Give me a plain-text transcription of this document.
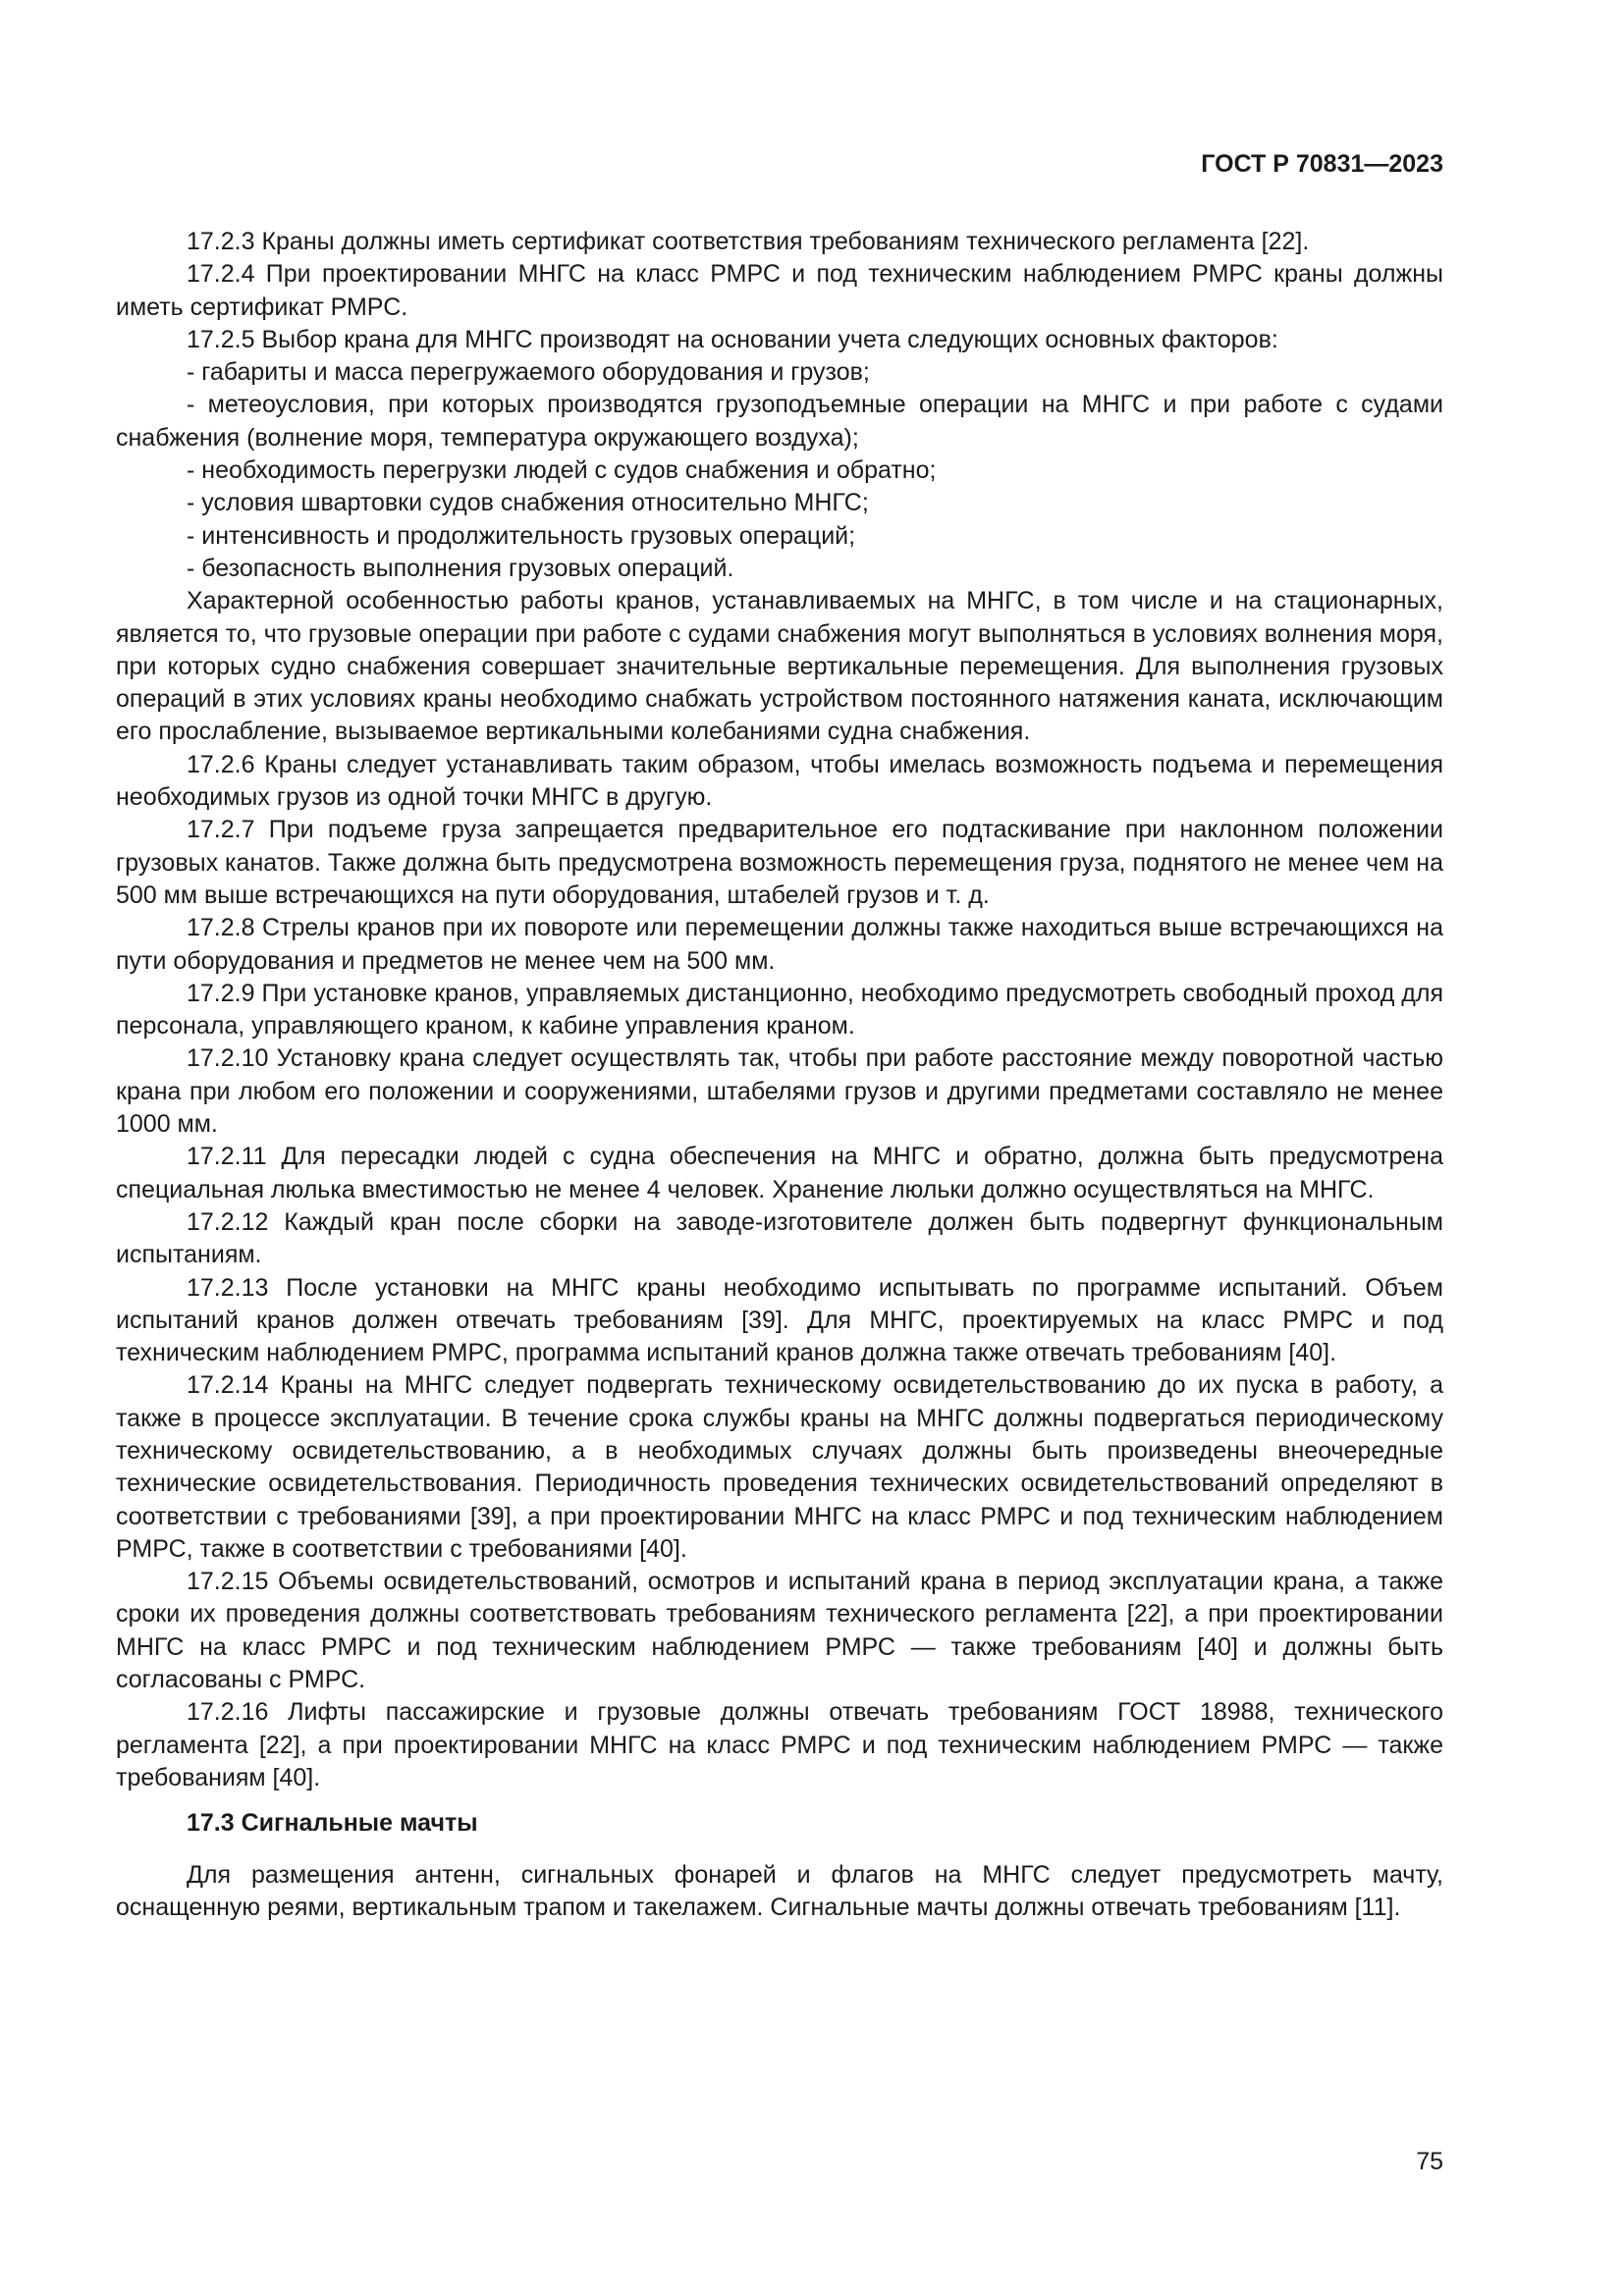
ГОСТ Р 70831—2023

17.2.3 Краны должны иметь сертификат соответствия требованиям технического регламента [22].

17.2.4 При проектировании МНГС на класс РМРС и под техническим наблюдением РМРС краны должны иметь сертификат РМРС.

17.2.5 Выбор крана для МНГС производят на основании учета следующих основных факторов:

- габариты и масса перегружаемого оборудования и грузов;

- метеоусловия, при которых производятся грузоподъемные операции на МНГС и при работе с судами снабжения (волнение моря, температура окружающего воздуха);

- необходимость перегрузки людей с судов снабжения и обратно;

- условия швартовки судов снабжения относительно МНГС;

- интенсивность и продолжительность грузовых операций;

- безопасность выполнения грузовых операций.

Характерной особенностью работы кранов, устанавливаемых на МНГС, в том числе и на стационарных, является то, что грузовые операции при работе с судами снабжения могут выполняться в условиях волнения моря, при которых судно снабжения совершает значительные вертикальные перемещения. Для выполнения грузовых операций в этих условиях краны необходимо снабжать устройством постоянного натяжения каната, исключающим его прослабление, вызываемое вертикальными колебаниями судна снабжения.

17.2.6 Краны следует устанавливать таким образом, чтобы имелась возможность подъема и перемещения необходимых грузов из одной точки МНГС в другую.

17.2.7 При подъеме груза запрещается предварительное его подтаскивание при наклонном положении грузовых канатов. Также должна быть предусмотрена возможность перемещения груза, поднятого не менее чем на 500 мм выше встречающихся на пути оборудования, штабелей грузов и т. д.

17.2.8 Стрелы кранов при их повороте или перемещении должны также находиться выше встречающихся на пути оборудования и предметов не менее чем на 500 мм.

17.2.9 При установке кранов, управляемых дистанционно, необходимо предусмотреть свободный проход для персонала, управляющего краном, к кабине управления краном.

17.2.10 Установку крана следует осуществлять так, чтобы при работе расстояние между поворотной частью крана при любом его положении и сооружениями, штабелями грузов и другими предметами составляло не менее 1000 мм.

17.2.11 Для пересадки людей с судна обеспечения на МНГС и обратно, должна быть предусмотрена специальная люлька вместимостью не менее 4 человек. Хранение люльки должно осуществляться на МНГС.

17.2.12 Каждый кран после сборки на заводе-изготовителе должен быть подвергнут функциональным испытаниям.

17.2.13 После установки на МНГС краны необходимо испытывать по программе испытаний. Объем испытаний кранов должен отвечать требованиям [39]. Для МНГС, проектируемых на класс РМРС и под техническим наблюдением РМРС, программа испытаний кранов должна также отвечать требованиям [40].

17.2.14 Краны на МНГС следует подвергать техническому освидетельствованию до их пуска в работу, а также в процессе эксплуатации. В течение срока службы краны на МНГС должны подвергаться периодическому техническому освидетельствованию, а в необходимых случаях должны быть произведены внеочередные технические освидетельствования. Периодичность проведения технических освидетельствований определяют в соответствии с требованиями [39], а при проектировании МНГС на класс РМРС и под техническим наблюдением РМРС, также в соответствии с требованиями [40].

17.2.15 Объемы освидетельствований, осмотров и испытаний крана в период эксплуатации крана, а также сроки их проведения должны соответствовать требованиям технического регламента [22], а при проектировании МНГС на класс РМРС и под техническим наблюдением РМРС — также требованиям [40] и должны быть согласованы с РМРС.

17.2.16 Лифты пассажирские и грузовые должны отвечать требованиям ГОСТ 18988, технического регламента [22], а при проектировании МНГС на класс РМРС и под техническим наблюдением РМРС — также требованиям [40].

17.3 Сигнальные мачты

Для размещения антенн, сигнальных фонарей и флагов на МНГС следует предусмотреть мачту, оснащенную реями, вертикальным трапом и такелажем. Сигнальные мачты должны отвечать требованиям [11].

75
